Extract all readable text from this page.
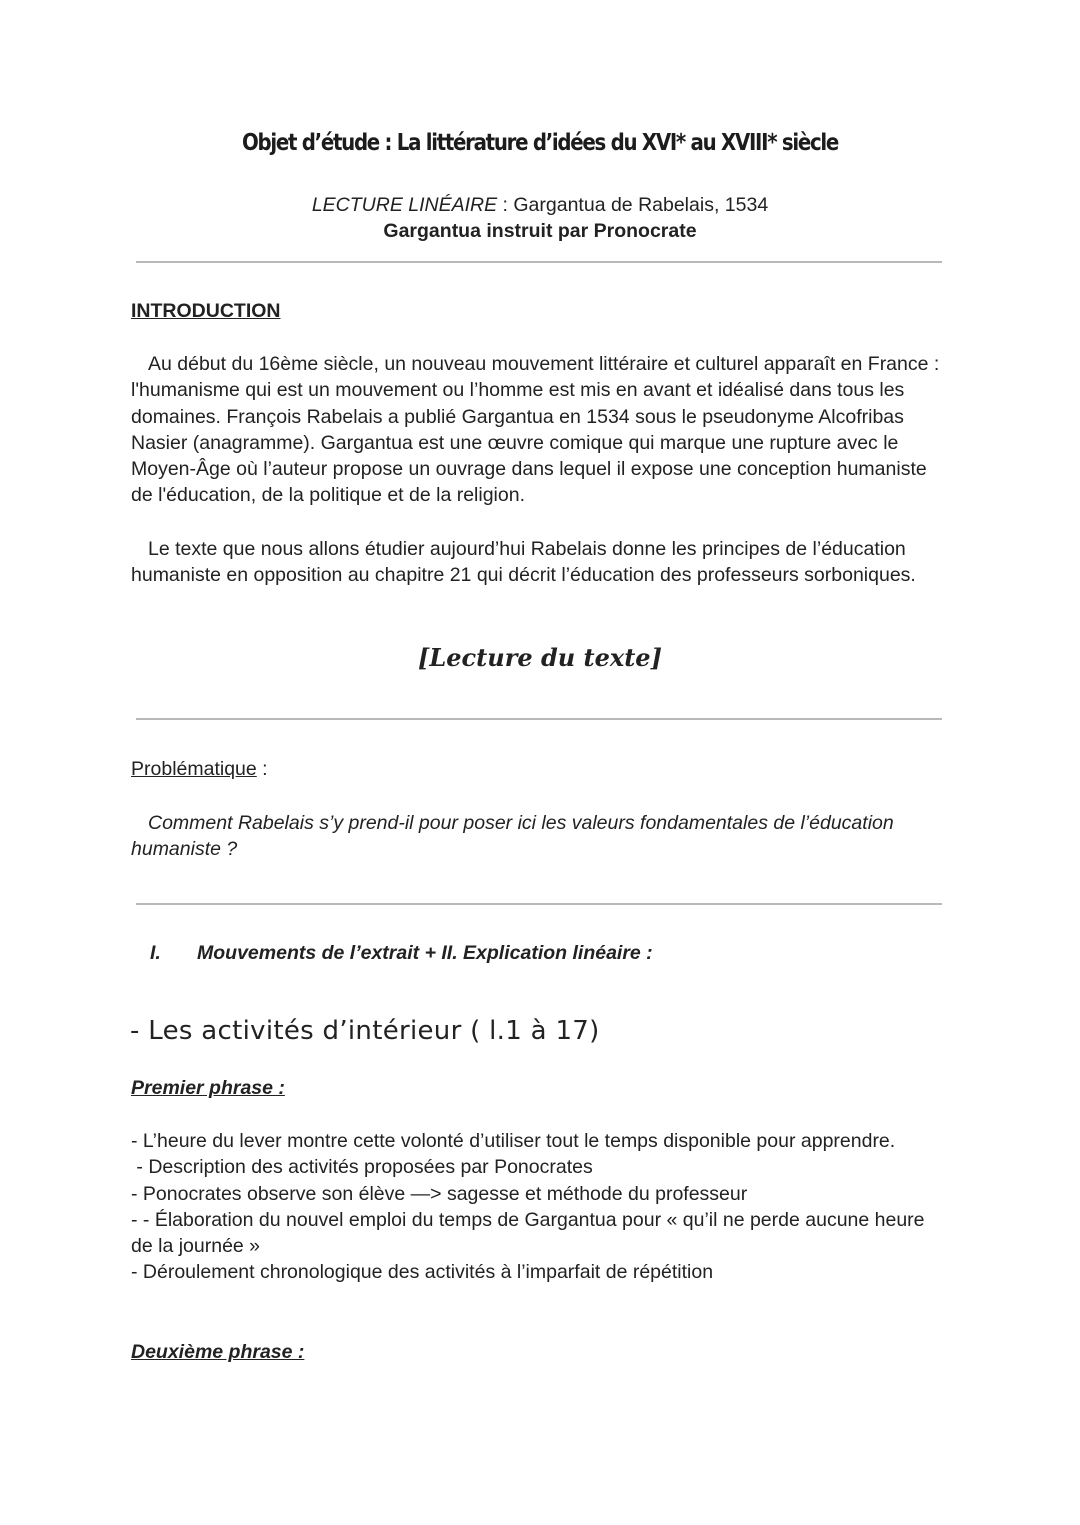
Objet d’étude : La littérature d’idées du XVI* au XVIII* siècle
LECTURE LINÉAIRE : Gargantua de Rabelais, 1534
Gargantua instruit par Pronocrate
INTRODUCTION
Au début du 16ème siècle, un nouveau mouvement littéraire et culturel apparaît en France : l'humanisme qui est un mouvement ou l’homme est mis en avant et idéalisé dans tous les domaines. François Rabelais a publié Gargantua en 1534 sous le pseudonyme Alcofribas Nasier (anagramme). Gargantua est une œuvre comique qui marque une rupture avec le Moyen-Âge où l’auteur propose un ouvrage dans lequel il expose une conception humaniste de l'éducation, de la politique et de la religion.
Le texte que nous allons étudier aujourd’hui Rabelais donne les principes de l’éducation humaniste en opposition au chapitre 21 qui décrit l’éducation des professeurs sorboniques.
[Lecture du texte]
Problématique :
Comment Rabelais s’y prend-il pour poser ici les valeurs fondamentales de l’éducation humaniste ?
I. Mouvements de l’extrait + II. Explication linéaire :
- Les activités d’intérieur ( l.1 à 17)
Premier phrase :
- L’heure du lever montre cette volonté d’utiliser tout le temps disponible pour apprendre.
- Description des activités proposées par Ponocrates
- Ponocrates observe son élève —> sagesse et méthode du professeur
- - Élaboration du nouvel emploi du temps de Gargantua pour « qu’il ne perde aucune heure de la journée »
- Déroulement chronologique des activités à l’imparfait de répétition
Deuxième phrase :
